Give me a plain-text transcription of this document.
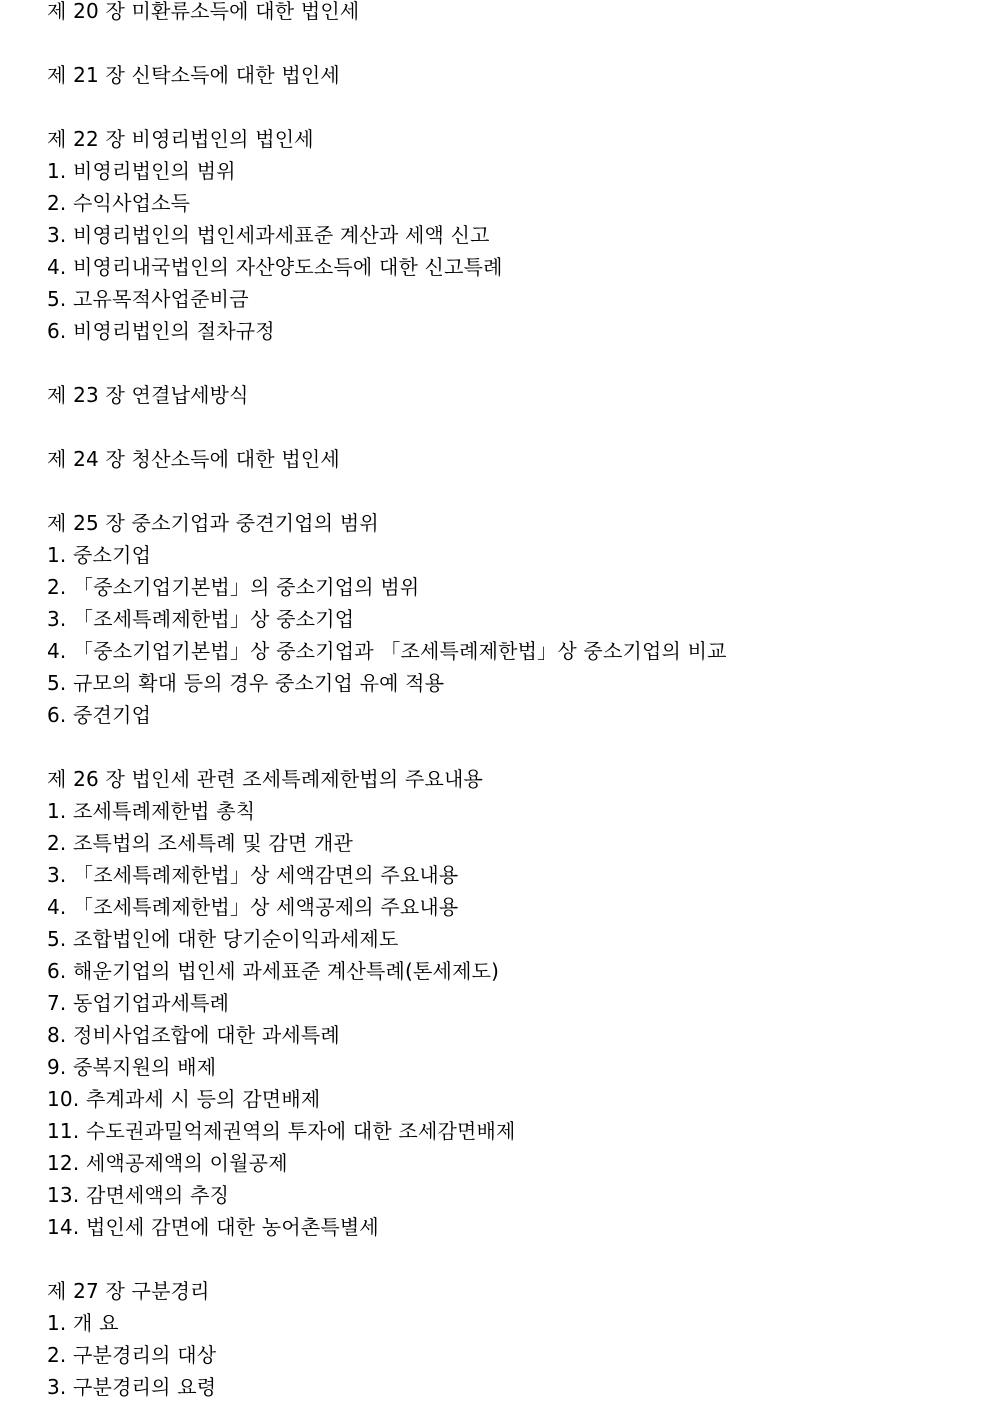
제 20 장 미환류소득에 대한 법인세
제 21 장 신탁소득에 대한 법인세
제 22 장 비영리법인의 법인세
1. 비영리법인의 범위
2. 수익사업소득
3. 비영리법인의 법인세과세표준 계산과 세액 신고
4. 비영리내국법인의 자산양도소득에 대한 신고특례
5. 고유목적사업준비금
6. 비영리법인의 절차규정
제 23 장 연결납세방식
제 24 장 청산소득에 대한 법인세
제 25 장 중소기업과 중견기업의 범위
1. 중소기업
2. 「중소기업기본법」의 중소기업의 범위
3. 「조세특례제한법」상 중소기업
4. 「중소기업기본법」상 중소기업과 「조세특례제한법」상 중소기업의 비교
5. 규모의 확대 등의 경우 중소기업 유예 적용
6. 중견기업
제 26 장 법인세 관련 조세특례제한법의 주요내용
1. 조세특례제한법 총칙
2. 조특법의 조세특례 및 감면 개관
3. 「조세특례제한법」상 세액감면의 주요내용
4. 「조세특례제한법」상 세액공제의 주요내용
5. 조합법인에 대한 당기순이익과세제도
6. 해운기업의 법인세 과세표준 계산특례(톤세제도)
7. 동업기업과세특례
8. 정비사업조합에 대한 과세특례
9. 중복지원의 배제
10. 추계과세 시 등의 감면배제
11. 수도권과밀억제권역의 투자에 대한 조세감면배제
12. 세액공제액의 이월공제
13. 감면세액의 추징
14. 법인세 감면에 대한 농어촌특별세
제 27 장 구분경리
1. 개 요
2. 구분경리의 대상
3. 구분경리의 요령
